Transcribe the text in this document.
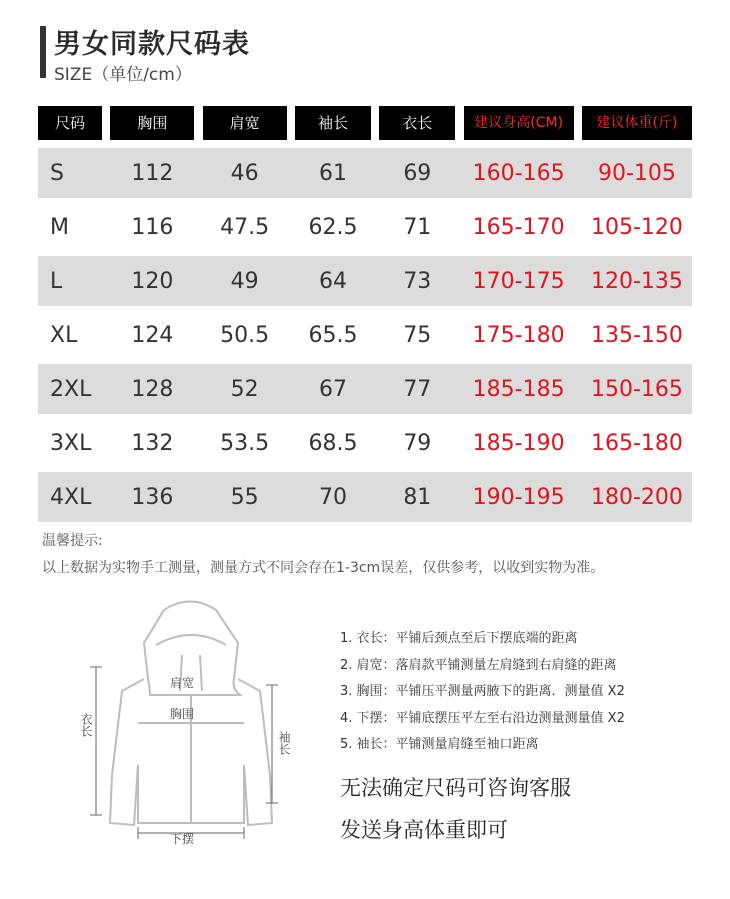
男女同款尺码表
SIZE（单位/cm）
尺码	胸围	肩宽	袖长	衣长	建议身高(CM)	建议体重(斤)
S	112	46	61	69	160-165	90-105
M	116	47.5	62.5	71	165-170	105-120
L	120	49	64	73	170-175	120-135
XL	124	50.5	65.5	75	175-180	135-150
2XL	128	52	67	77	185-185	150-165
3XL	132	53.5	68.5	79	185-190	165-180
4XL	136	55	70	81	190-195	180-200
温馨提示:
以上数据为实物手工测量，测量方式不同会存在1-3cm误差，仅供参考，以收到实物为准。
肩宽
胸围
衣长
袖长
下摆
1. 衣长：平铺后颈点至后下摆底端的距离
2. 肩宽：落肩款平铺测量左肩缝到右肩缝的距离
3. 胸围：平铺压平测量两腋下的距离．测量值 X2
4. 下摆：平铺底摆压平左至右沿边测量测量值 X2
5. 袖长：平铺测量肩缝至袖口距离
无法确定尺码可咨询客服
发送身高体重即可
